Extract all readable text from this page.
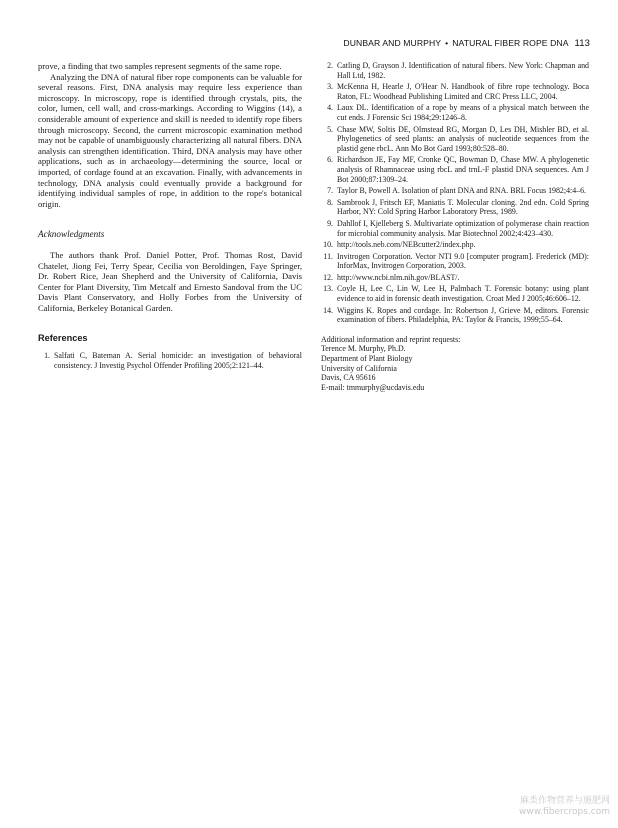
DUNBAR AND MURPHY • NATURAL FIBER ROPE DNA 113

prove, a finding that two samples represent segments of the same rope.

Analyzing the DNA of natural fiber rope components can be valuable for several reasons. First, DNA analysis may require less experience than microscopy. In microscopy, rope is identified through crystals, pits, the color, lumen, cell wall, and cross-markings. According to Wiggins (14), a considerable amount of experience and skill is needed to identify rope fibers through microscopy. Second, the current microscopic examination method may not be capable of unambiguously characterizing all natural fibers. DNA analysis can strengthen identification. Third, DNA analysis may have other applications, such as in archaeology—determining the source, local or imported, of cordage found at an excavation. Finally, with advancements in technology, DNA analysis could eventually provide a background for identifying individual samples of rope, in addition to the rope's botanical origin.

Acknowledgments

The authors thank Prof. Daniel Potter, Prof. Thomas Rost, David Chatelet, Jiong Fei, Terry Spear, Cecilia von Beroldingen, Faye Springer, Dr. Robert Rice, Jean Shepherd and the University of California, Davis Center for Plant Diversity, Tim Metcalf and Ernesto Sandoval from the UC Davis Plant Conservatory, and Holly Forbes from the University of California, Berkeley Botanical Garden.

References
1. Salfati C, Bateman A. Serial homicide: an investigation of behavioral consistency. J Investig Psychol Offender Profiling 2005;2:121–44.
2. Catling D, Grayson J. Identification of natural fibers. New York: Chapman and Hall Ltd, 1982.
3. McKenna H, Hearle J, O'Hear N. Handbook of fibre rope technology. Boca Raton, FL: Woodhead Publishing Limited and CRC Press LLC, 2004.
4. Laux DL. Identification of a rope by means of a physical match between the cut ends. J Forensic Sci 1984;29:1246–8.
5. Chase MW, Soltis DE, Olmstead RG, Morgan D, Les DH, Mishler BD, et al. Phylogenetics of seed plants: an analysis of nucleotide sequences from the plastid gene rbcL. Ann Mo Bot Gard 1993;80:528–80.
6. Richardson JE, Fay MF, Cronke QC, Bowman D, Chase MW. A phylogenetic analysis of Rhamnaceae using rbcL and trnL-F plastid DNA sequences. Am J Bot 2000;87:1309–24.
7. Taylor B, Powell A. Isolation of plant DNA and RNA. BRL Focus 1982;4:4–6.
8. Sambrook J, Fritsch EF, Maniatis T. Molecular cloning. 2nd edn. Cold Spring Harbor, NY: Cold Spring Harbor Laboratory Press, 1989.
9. Dahllof I, Kjelleberg S. Multivariate optimization of polymerase chain reaction for microbial community analysis. Mar Biotechnol 2002;4:423–430.
10. http://tools.neb.com/NEBcutter2/index.php.
11. Invitrogen Corporation. Vector NTI 9.0 [computer program]. Frederick (MD): InforMax, Invitrogen Corporation, 2003.
12. http://www.ncbi.nlm.nih.gov/BLAST/.
13. Coyle H, Lee C, Lin W, Lee H, Palmbach T. Forensic botany: using plant evidence to aid in forensic death investigation. Croat Med J 2005;46:606–12.
14. Wiggins K. Ropes and cordage. In: Robertson J, Grieve M, editors. Forensic examination of fibers. Philadelphia, PA: Taylor & Francis, 1999;55–64.
Additional information and reprint requests:
Terence M. Murphy, Ph.D.
Department of Plant Biology
University of California
Davis, CA 95616
E-mail: tmmurphy@ucdavis.edu
麻类作物营养与施肥网
www.fibercrops.com
